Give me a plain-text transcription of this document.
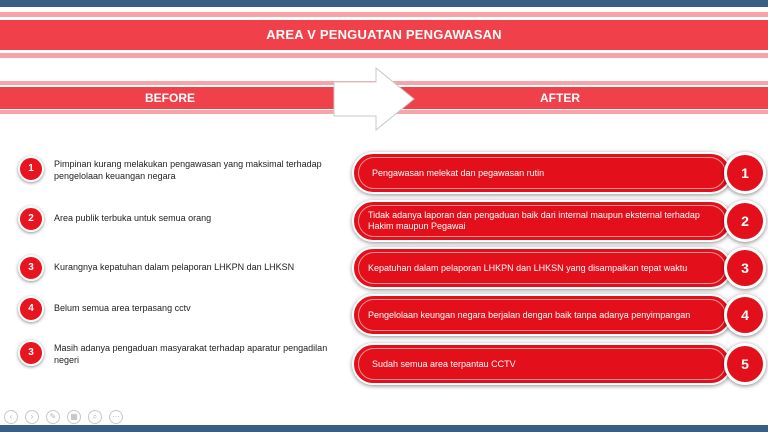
AREA V PENGUATAN PENGAWASAN
BEFORE	AFTER
1	Pimpinan kurang melakukan pengawasan yang maksimal terhadap pengelolaan keuangan negara
2	Area publik terbuka untuk semua orang
3	Kurangnya kepatuhan dalam pelaporan LHKPN dan LHKSN
4	Belum semua area terpasang cctv
3	Masih adanya pengaduan masyarakat terhadap aparatur pengadilan negeri
Pengawasan melekat dan pegawasan rutin	1
Tidak adanya laporan dan pengaduan baik dari internal maupun eksternal terhadap Hakim maupun Pegawai	2
Kepatuhan dalam pelaporan LHKPN dan LHKSN yang disampaikan tepat waktu	3
Pengelolaan keungan negara berjalan dengan baik tanpa adanya penyimpangan	4
Sudah semua area terpantau CCTV	5
‹	›	✎	▦	⌕	⋯
